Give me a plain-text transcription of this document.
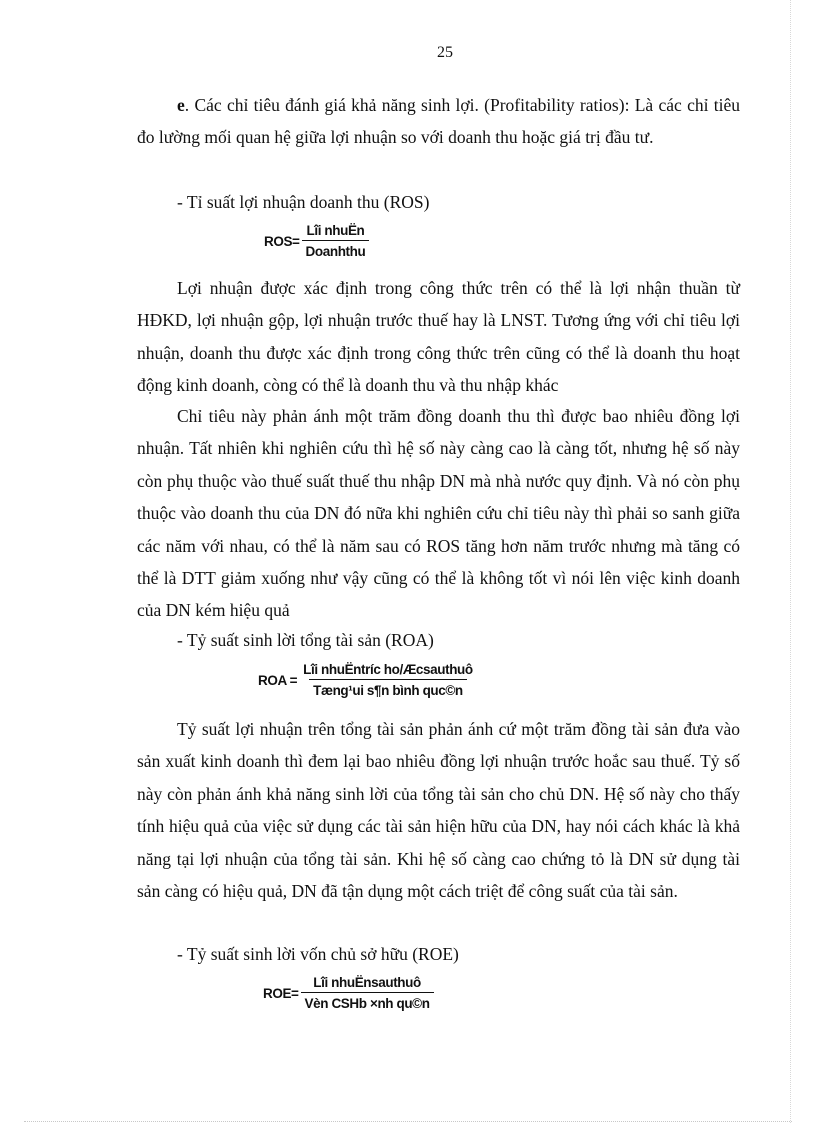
25
e. Các chỉ tiêu đánh giá khả năng sinh lợi. (Profitability ratios): Là các chỉ tiêu đo lường mối quan hệ giữa lợi nhuận so với doanh thu hoặc giá trị đầu tư.
- Tỉ suất lợi nhuận doanh thu (ROS)
$ROS= \frac{\text{Lîi nhuËn}}{\text{Doanhthu}}$
Lợi nhuận được xác định trong công thức trên có thể là lợi nhận thuần từ HĐKD, lợi nhuận gộp, lợi nhuận trước thuế hay là LNST. Tương ứng với chỉ tiêu lợi nhuận, doanh thu được xác định trong công thức trên cũng có thể là doanh thu hoạt động kinh doanh, còng có thể là doanh thu và thu nhập khác
Chỉ tiêu này phản ánh một trăm đồng doanh thu thì được bao nhiêu đồng lợi nhuận. Tất nhiên khi nghiên cứu thì hệ số này càng cao là càng tốt, nhưng hệ số này còn phụ thuộc vào thuế suất thuế thu nhập DN mà nhà nước quy định. Và nó còn phụ thuộc vào doanh thu của DN đó nữa khi nghiên cứu chỉ tiêu này thì phải so sanh giữa các năm với nhau, có thể là năm sau có ROS tăng hơn năm trước nhưng mà tăng có thể là DTT giảm xuống như vậy cũng có thể là không tốt vì nói lên việc kinh doanh của DN kém hiệu quả
- Tỷ suất sinh lời tổng tài sản (ROA)
ROA = $\frac{\text{Lîi nhuËntríc ho/Æcsauthuô}}{\text{Tæng¹ui s¶n bình quc©n}}$
Tỷ suất lợi nhuận trên tổng tài sản phản ánh cứ một trăm đồng tài sản đưa vào sản xuất kinh doanh thì đem lại bao nhiêu đồng lợi nhuận trước hoắc sau thuế. Tỷ số này còn phản ánh khả năng sinh lời của tổng tài sản cho chủ DN. Hệ số này cho thấy tính hiệu quả của việc sử dụng các tài sản hiện hữu của DN, hay nói cách khác là khả năng tại lợi nhuận của tổng tài sản. Khi hệ số càng cao chứng tỏ là DN sử dụng tài sản càng có hiệu quả, DN đã tận dụng một cách triệt để công suất của tài sản.
- Tỷ suất sinh lời vốn chủ sở hữu (ROE)
$ROE= \frac{\text{Lîi nhuËnsauthuô}}{\text{Vèn CSHb ×nh qu©n}}$
